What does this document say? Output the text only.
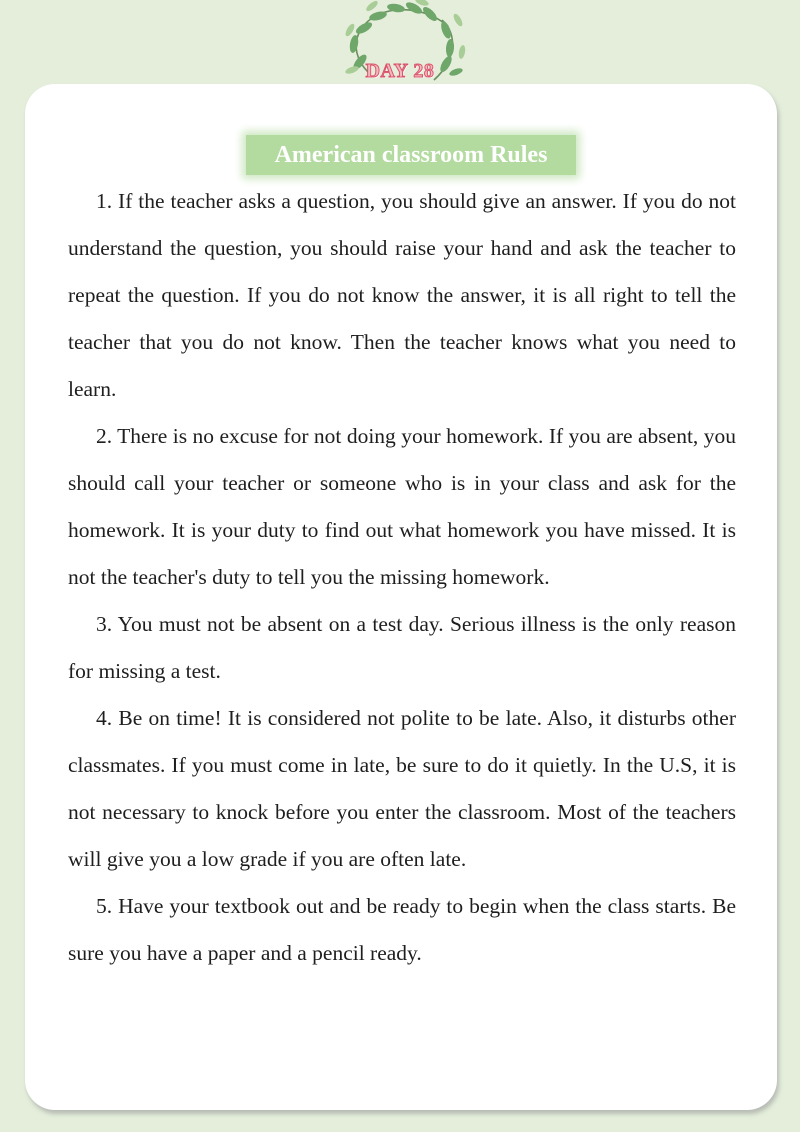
DAY 28
American classroom Rules

1. If the teacher asks a question, you should give an answer. If you do not understand the question, you should raise your hand and ask the teacher to repeat the question. If you do not know the answer, it is all right to tell the teacher that you do not know. Then the teacher knows what you need to learn.

2. There is no excuse for not doing your homework. If you are absent, you should call your teacher or someone who is in your class and ask for the homework. It is your duty to find out what homework you have missed. It is not the teacher's duty to tell you the missing homework.

3. You must not be absent on a test day. Serious illness is the only reason for missing a test.

4. Be on time! It is considered not polite to be late. Also, it disturbs other classmates. If you must come in late, be sure to do it quietly. In the U.S, it is not necessary to knock before you enter the classroom. Most of the teachers will give you a low grade if you are often late.

5. Have your textbook out and be ready to begin when the class starts. Be sure you have a paper and a pencil ready.
